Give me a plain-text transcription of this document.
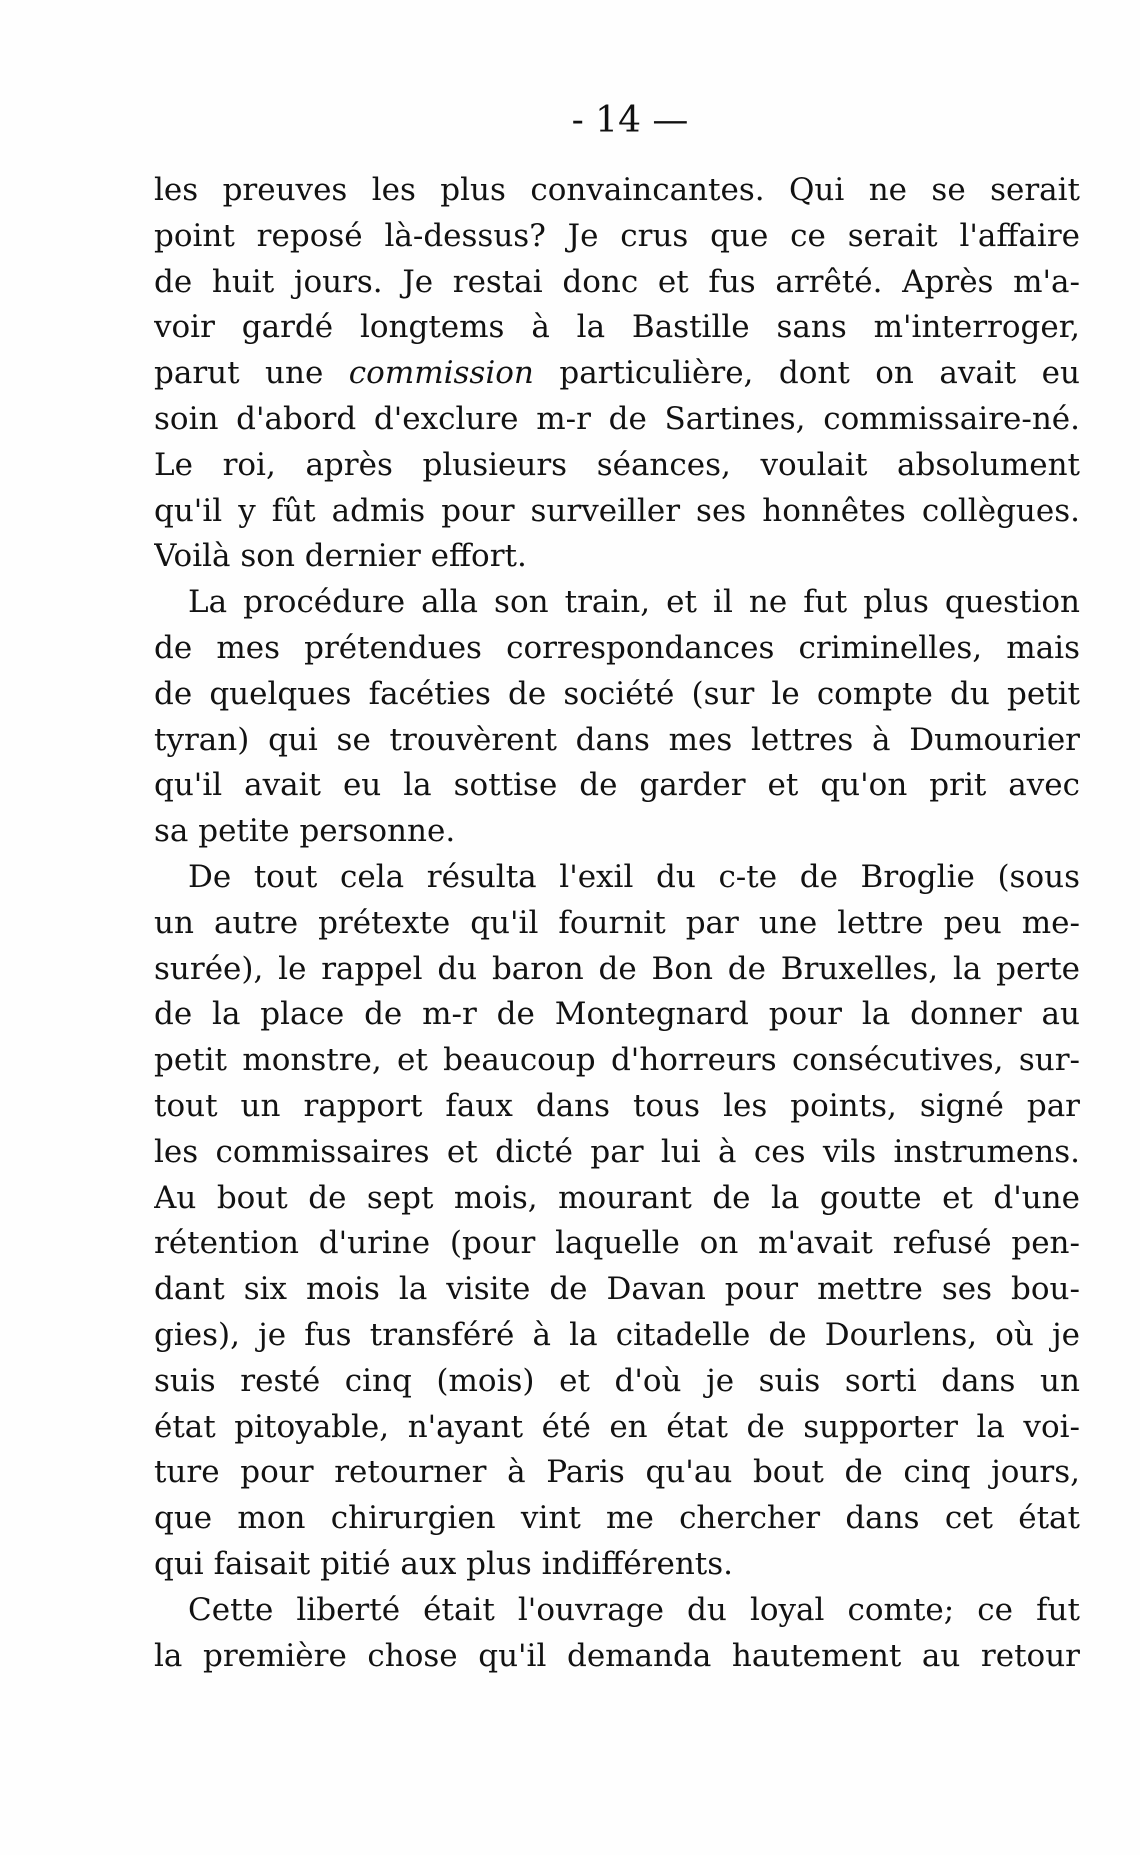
- 14 —
les preuves les plus convaincantes. Qui ne se serait
point reposé là-dessus? Je crus que ce serait l'affaire
de huit jours. Je restai donc et fus arrêté. Après m'a-
voir gardé longtems à la Bastille sans m'interroger,
parut une commission particulière, dont on avait eu
soin d'abord d'exclure m-r de Sartines, commissaire-né.
Le roi, après plusieurs séances, voulait absolument
qu'il y fût admis pour surveiller ses honnêtes collègues.
Voilà son dernier effort.
La procédure alla son train, et il ne fut plus question
de mes prétendues correspondances criminelles, mais
de quelques facéties de société (sur le compte du petit
tyran) qui se trouvèrent dans mes lettres à Dumourier
qu'il avait eu la sottise de garder et qu'on prit avec
sa petite personne.
De tout cela résulta l'exil du c-te de Broglie (sous
un autre prétexte qu'il fournit par une lettre peu me-
surée), le rappel du baron de Bon de Bruxelles, la perte
de la place de m-r de Montegnard pour la donner au
petit monstre, et beaucoup d'horreurs consécutives, sur-
tout un rapport faux dans tous les points, signé par
les commissaires et dicté par lui à ces vils instrumens.
Au bout de sept mois, mourant de la goutte et d'une
rétention d'urine (pour laquelle on m'avait refusé pen-
dant six mois la visite de Davan pour mettre ses bou-
gies), je fus transféré à la citadelle de Dourlens, où je
suis resté cinq (mois) et d'où je suis sorti dans un
état pitoyable, n'ayant été en état de supporter la voi-
ture pour retourner à Paris qu'au bout de cinq jours,
que mon chirurgien vint me chercher dans cet état
qui faisait pitié aux plus indifférents.
Cette liberté était l'ouvrage du loyal comte; ce fut
la première chose qu'il demanda hautement au retour
